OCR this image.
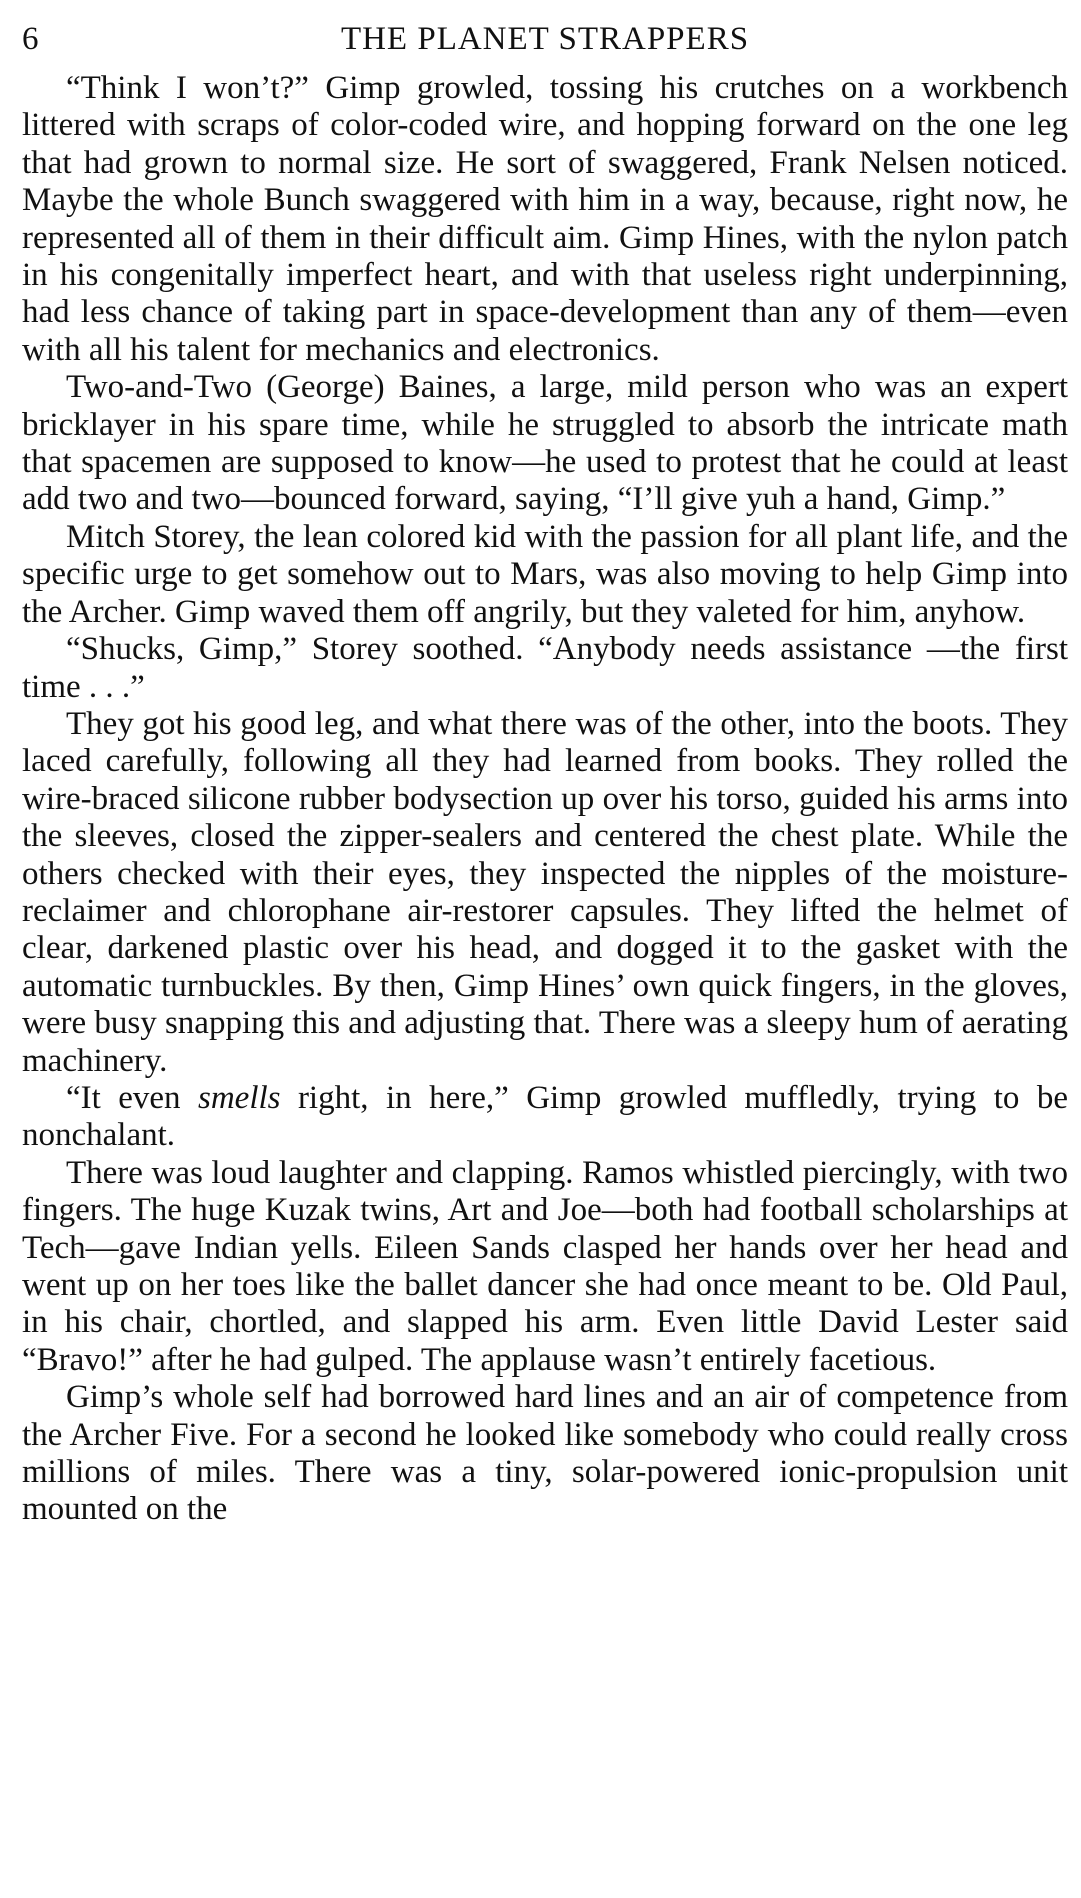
6	THE PLANET STRAPPERS

“Think I won’t?” Gimp growled, tossing his crutches on a workbench littered with scraps of color-coded wire, and hopping forward on the one leg that had grown to normal size. He sort of swaggered, Frank Nelsen noticed. Maybe the whole Bunch swaggered with him in a way, because, right now, he represented all of them in their difficult aim. Gimp Hines, with the nylon patch in his congenitally imperfect heart, and with that useless right underpinning, had less chance of taking part in space-development than any of them—even with all his talent for mechanics and electronics.

Two-and-Two (George) Baines, a large, mild person who was an expert bricklayer in his spare time, while he struggled to absorb the intricate math that spacemen are supposed to know—he used to protest that he could at least add two and two—bounced forward, saying, “I’ll give yuh a hand, Gimp.”

Mitch Storey, the lean colored kid with the passion for all plant life, and the specific urge to get somehow out to Mars, was also moving to help Gimp into the Archer. Gimp waved them off angrily, but they valeted for him, anyhow.

“Shucks, Gimp,” Storey soothed. “Anybody needs assistance —the first time . . .”

They got his good leg, and what there was of the other, into the boots. They laced carefully, following all they had learned from books. They rolled the wire-braced silicone rubber bodysection up over his torso, guided his arms into the sleeves, closed the zipper-sealers and centered the chest plate. While the others checked with their eyes, they inspected the nipples of the moisture-reclaimer and chlorophane air-restorer capsules. They lifted the helmet of clear, darkened plastic over his head, and dogged it to the gasket with the automatic turnbuckles. By then, Gimp Hines’ own quick fingers, in the gloves, were busy snapping this and adjusting that. There was a sleepy hum of aerating machinery.

“It even smells right, in here,” Gimp growled muffledly, trying to be nonchalant.

There was loud laughter and clapping. Ramos whistled piercingly, with two fingers. The huge Kuzak twins, Art and Joe—both had football scholarships at Tech—gave Indian yells. Eileen Sands clasped her hands over her head and went up on her toes like the ballet dancer she had once meant to be. Old Paul, in his chair, chortled, and slapped his arm. Even little David Lester said “Bravo!” after he had gulped. The applause wasn’t entirely facetious.

Gimp’s whole self had borrowed hard lines and an air of competence from the Archer Five. For a second he looked like somebody who could really cross millions of miles. There was a tiny, solar-powered ionic-propulsion unit mounted on the
